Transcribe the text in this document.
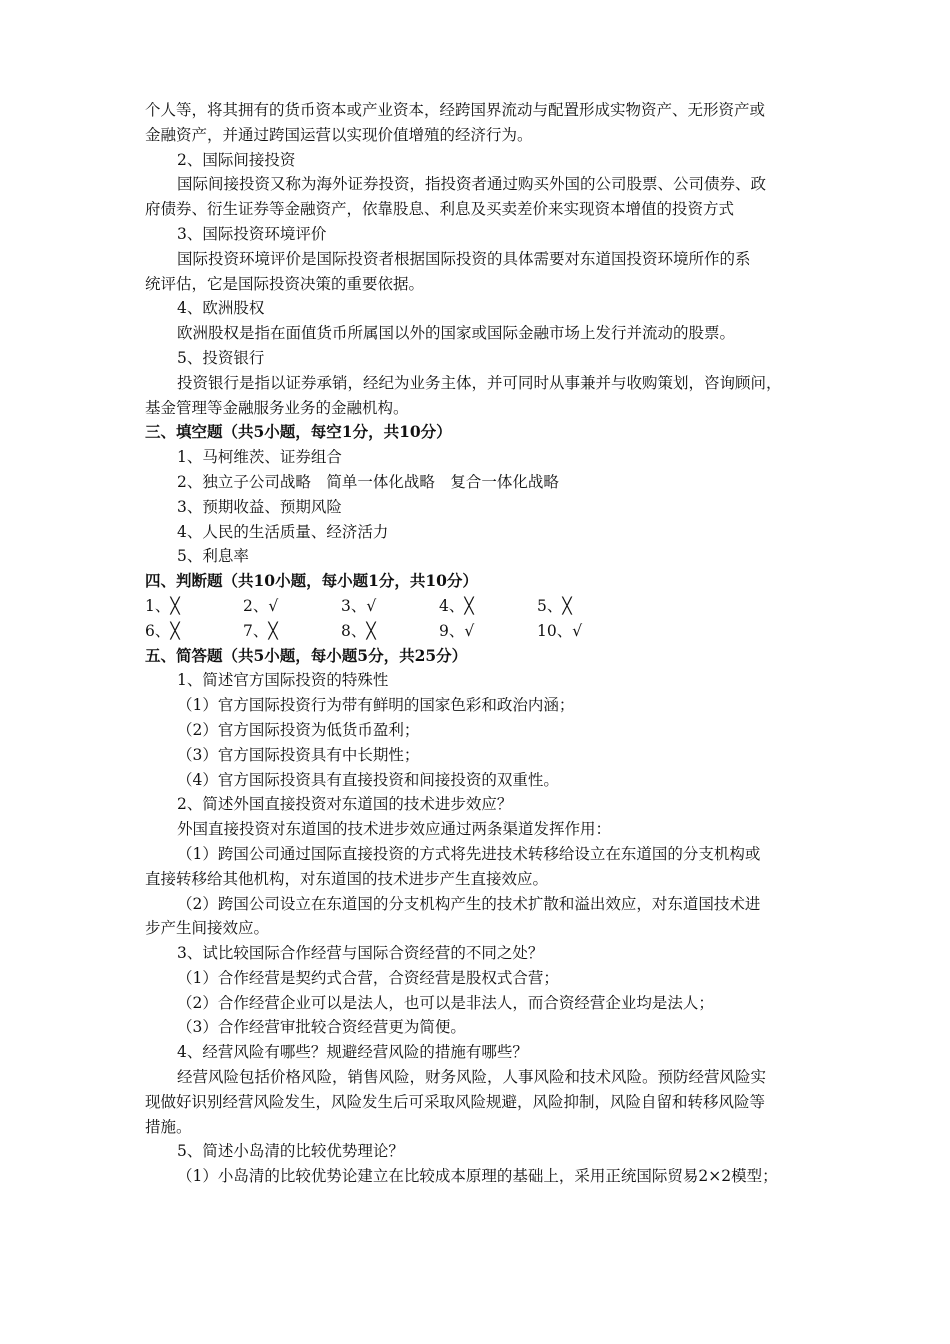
个人等，将其拥有的货币资本或产业资本，经跨国界流动与配置形成实物资产、无形资产或
金融资产，并通过跨国运营以实现价值增殖的经济行为。
2、国际间接投资
国际间接投资又称为海外证券投资，指投资者通过购买外国的公司股票、公司债券、政
府债券、衍生证券等金融资产，依靠股息、利息及买卖差价来实现资本增值的投资方式
3、国际投资环境评价
国际投资环境评价是国际投资者根据国际投资的具体需要对东道国投资环境所作的系
统评估，它是国际投资决策的重要依据。
4、欧洲股权
欧洲股权是指在面值货币所属国以外的国家或国际金融市场上发行并流动的股票。
5、投资银行
投资银行是指以证券承销，经纪为业务主体，并可同时从事兼并与收购策划，咨询顾问，
基金管理等金融服务业务的金融机构。
三、填空题（共5小题，每空1分，共10分）
1、马柯维茨、证券组合
2、独立子公司战略　简单一体化战略　复合一体化战略
3、预期收益、预期风险
4、人民的生活质量、经济活力
5、利息率
四、判断题（共10小题，每小题1分，共10分）
1、╳	2、√	3、√	4、╳	5、╳
6、╳	7、╳	8、╳	9、√	10、√
五、简答题（共5小题，每小题5分，共25分）
1、简述官方国际投资的特殊性
（1）官方国际投资行为带有鲜明的国家色彩和政治内涵；
（2）官方国际投资为低货币盈利；
（3）官方国际投资具有中长期性；
（4）官方国际投资具有直接投资和间接投资的双重性。
2、简述外国直接投资对东道国的技术进步效应？
外国直接投资对东道国的技术进步效应通过两条渠道发挥作用：
（1）跨国公司通过国际直接投资的方式将先进技术转移给设立在东道国的分支机构或
直接转移给其他机构，对东道国的技术进步产生直接效应。
（2）跨国公司设立在东道国的分支机构产生的技术扩散和溢出效应，对东道国技术进
步产生间接效应。
3、试比较国际合作经营与国际合资经营的不同之处？
（1）合作经营是契约式合营，合资经营是股权式合营；
（2）合作经营企业可以是法人，也可以是非法人，而合资经营企业均是法人；
（3）合作经营审批较合资经营更为简便。
4、经营风险有哪些？规避经营风险的措施有哪些？
经营风险包括价格风险，销售风险，财务风险，人事风险和技术风险。预防经营风险实
现做好识别经营风险发生，风险发生后可采取风险规避，风险抑制，风险自留和转移风险等
措施。
5、简述小岛清的比较优势理论？
（1）小岛清的比较优势论建立在比较成本原理的基础上，采用正统国际贸易2×2模型；
